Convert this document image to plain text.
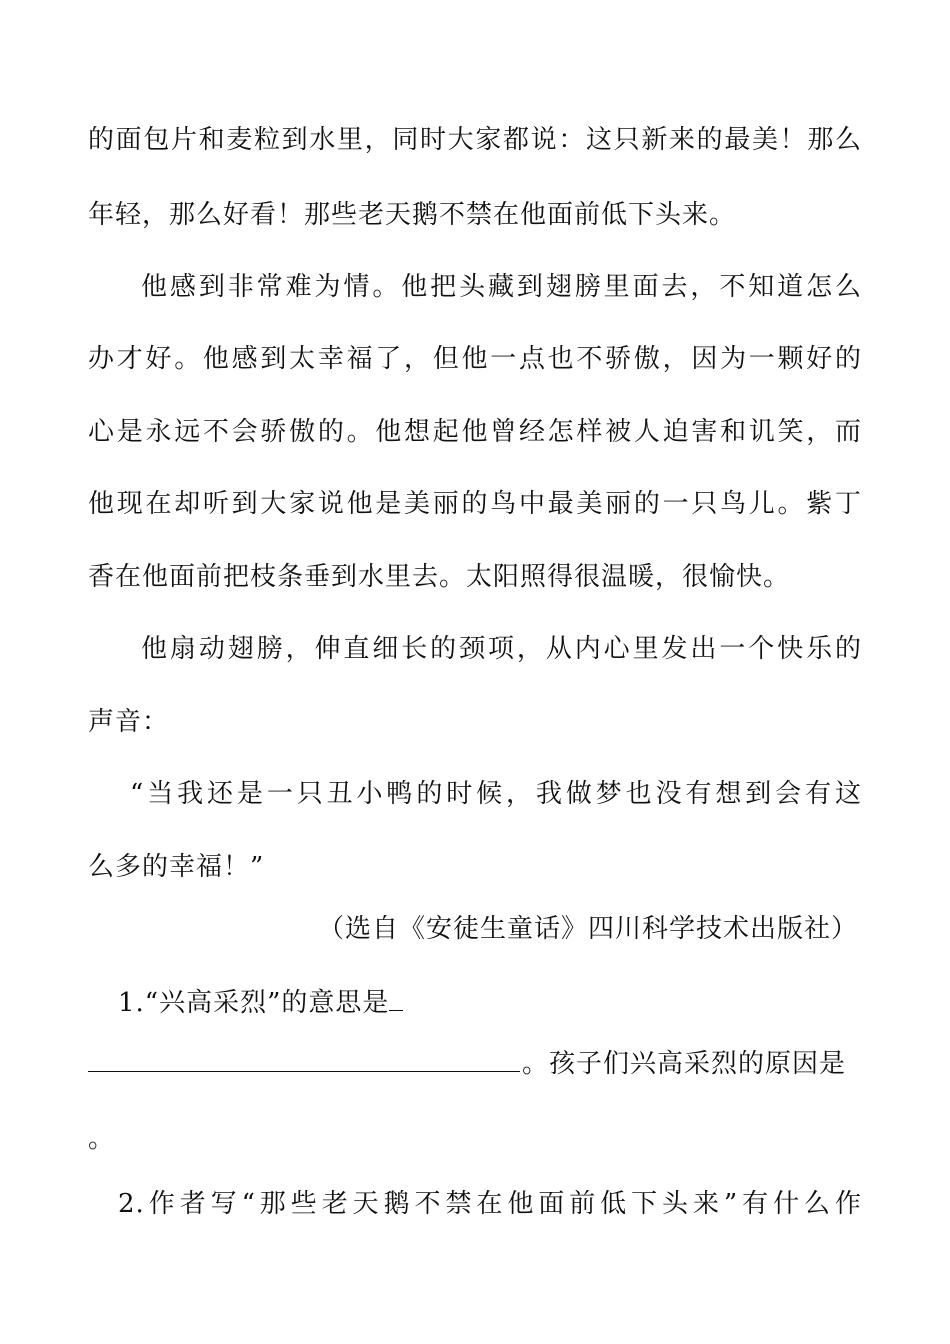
的面包片和麦粒到水里，同时大家都说：这只新来的最美！那么
年轻，那么好看！那些老天鹅不禁在他面前低下头来。
他感到非常难为情。他把头藏到翅膀里面去，不知道怎么
办才好。他感到太幸福了，但他一点也不骄傲，因为一颗好的
心是永远不会骄傲的。他想起他曾经怎样被人迫害和讥笑，而
他现在却听到大家说他是美丽的鸟中最美丽的一只鸟儿。紫丁
香在他面前把枝条垂到水里去。太阳照得很温暖，很愉快。
他扇动翅膀，伸直细长的颈项，从内心里发出一个快乐的
声音：
“当我还是一只丑小鸭的时候，我做梦也没有想到会有这
么多的幸福！”
（选自《安徒生童话》四川科学技术出版社）
1.“兴高采烈”的意思是
。孩子们兴高采烈的原因是
。
2.作者写“那些老天鹅不禁在他面前低下头来”有什么作
